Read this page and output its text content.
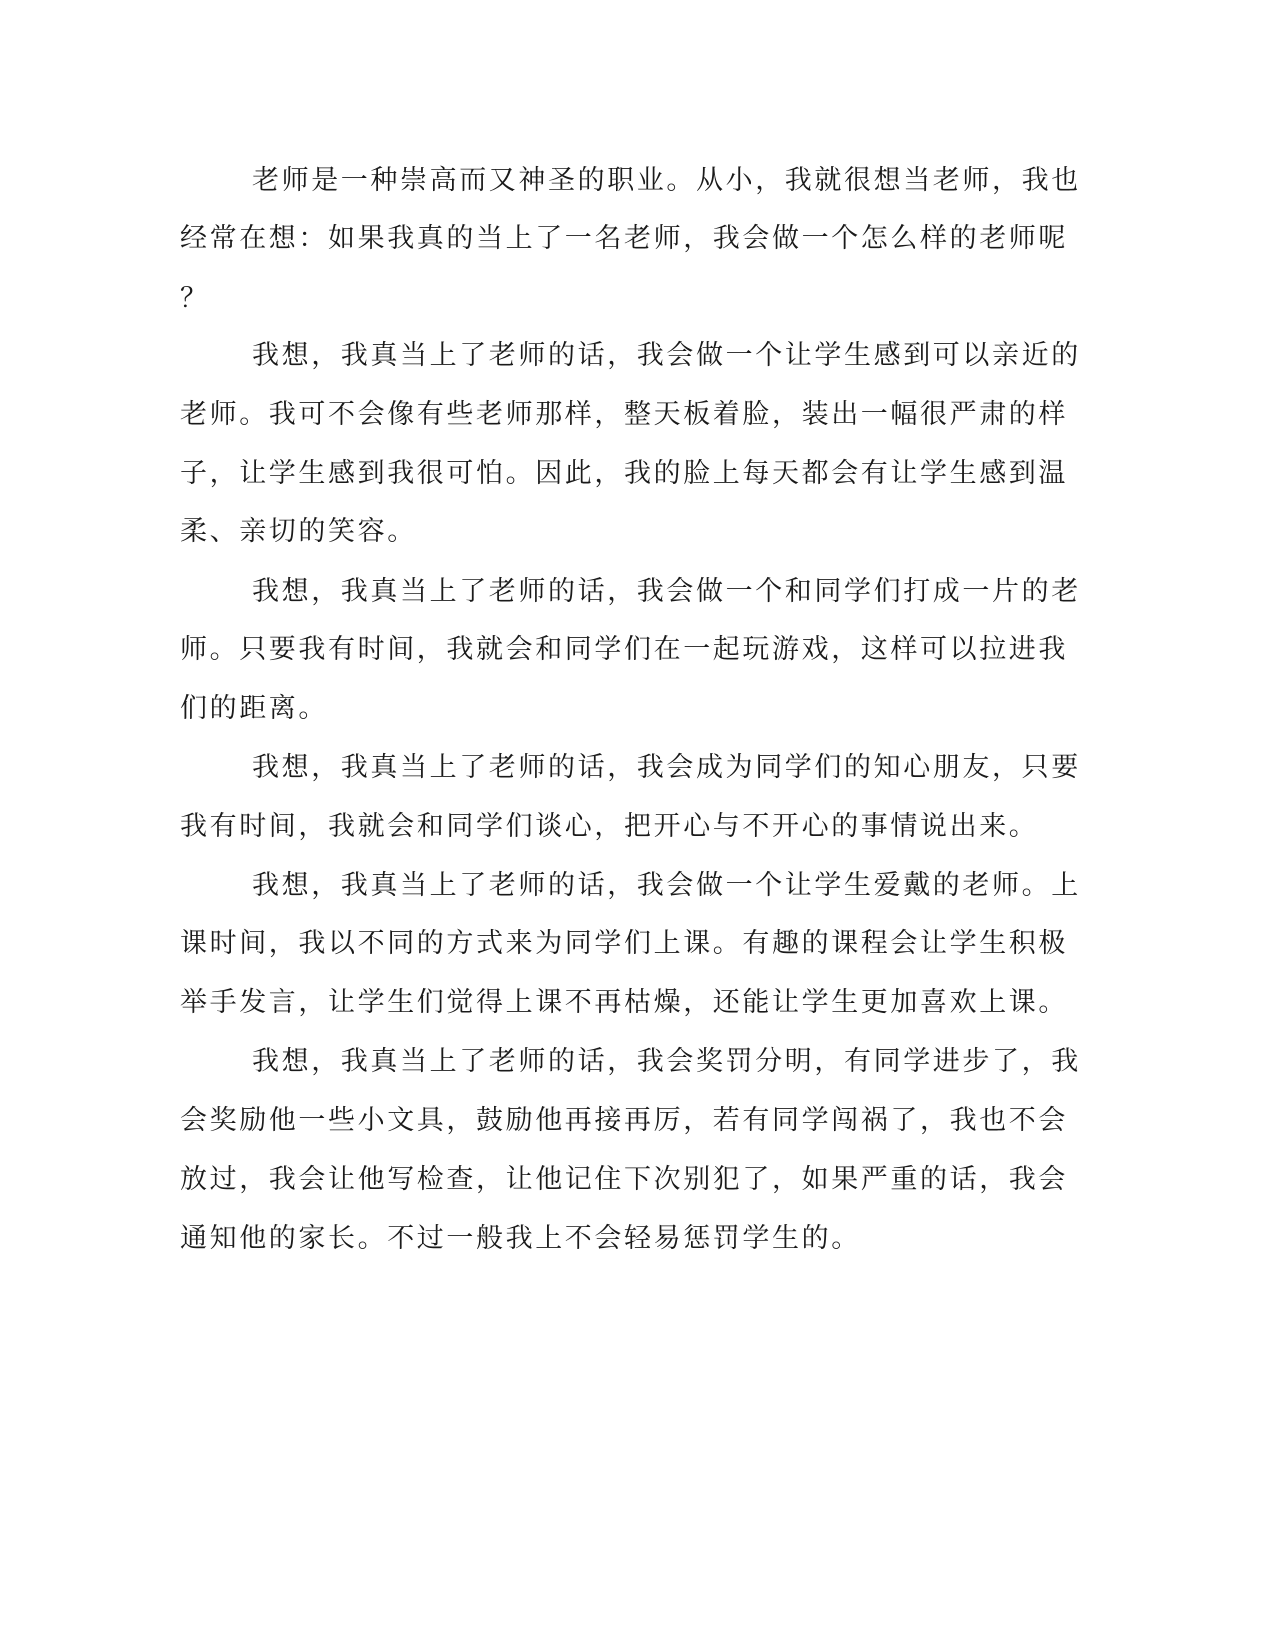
老师是一种崇高而又神圣的职业。从小，我就很想当老师，我也

经常在想：如果我真的当上了一名老师，我会做一个怎么样的老师呢

？

我想，我真当上了老师的话，我会做一个让学生感到可以亲近的

老师。我可不会像有些老师那样，整天板着脸，装出一幅很严肃的样

子，让学生感到我很可怕。因此，我的脸上每天都会有让学生感到温

柔、亲切的笑容。

我想，我真当上了老师的话，我会做一个和同学们打成一片的老

师。只要我有时间，我就会和同学们在一起玩游戏，这样可以拉进我

们的距离。

我想，我真当上了老师的话，我会成为同学们的知心朋友，只要

我有时间，我就会和同学们谈心，把开心与不开心的事情说出来。

我想，我真当上了老师的话，我会做一个让学生爱戴的老师。上

课时间，我以不同的方式来为同学们上课。有趣的课程会让学生积极

举手发言，让学生们觉得上课不再枯燥，还能让学生更加喜欢上课。

我想，我真当上了老师的话，我会奖罚分明，有同学进步了，我

会奖励他一些小文具，鼓励他再接再厉，若有同学闯祸了，我也不会

放过，我会让他写检查，让他记住下次别犯了，如果严重的话，我会

通知他的家长。不过一般我上不会轻易惩罚学生的。
